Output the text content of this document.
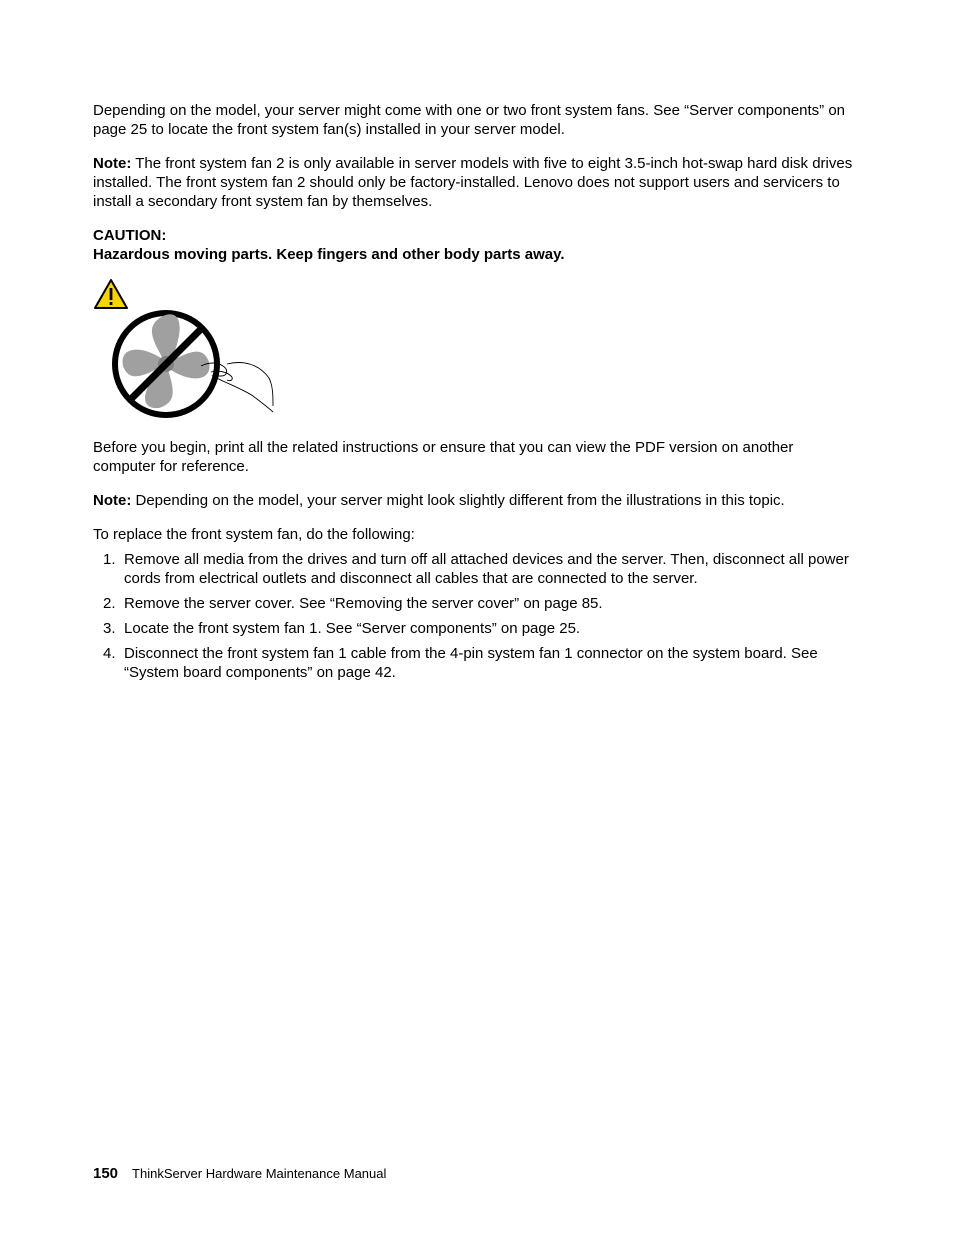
Depending on the model, your server might come with one or two front system fans. See “Server components” on page 25 to locate the front system fan(s) installed in your server model.

Note: The front system fan 2 is only available in server models with five to eight 3.5-inch hot-swap hard disk drives installed. The front system fan 2 should only be factory-installed. Lenovo does not support users and servicers to install a secondary front system fan by themselves.

CAUTION:
Hazardous moving parts. Keep fingers and other body parts away.

Before you begin, print all the related instructions or ensure that you can view the PDF version on another computer for reference.

Note: Depending on the model, your server might look slightly different from the illustrations in this topic.

To replace the front system fan, do the following:

1. Remove all media from the drives and turn off all attached devices and the server. Then, disconnect all power cords from electrical outlets and disconnect all cables that are connected to the server.
2. Remove the server cover. See “Removing the server cover” on page 85.
3. Locate the front system fan 1. See “Server components” on page 25.
4. Disconnect the front system fan 1 cable from the 4-pin system fan 1 connector on the system board. See “System board components” on page 42.
150 ThinkServer Hardware Maintenance Manual
